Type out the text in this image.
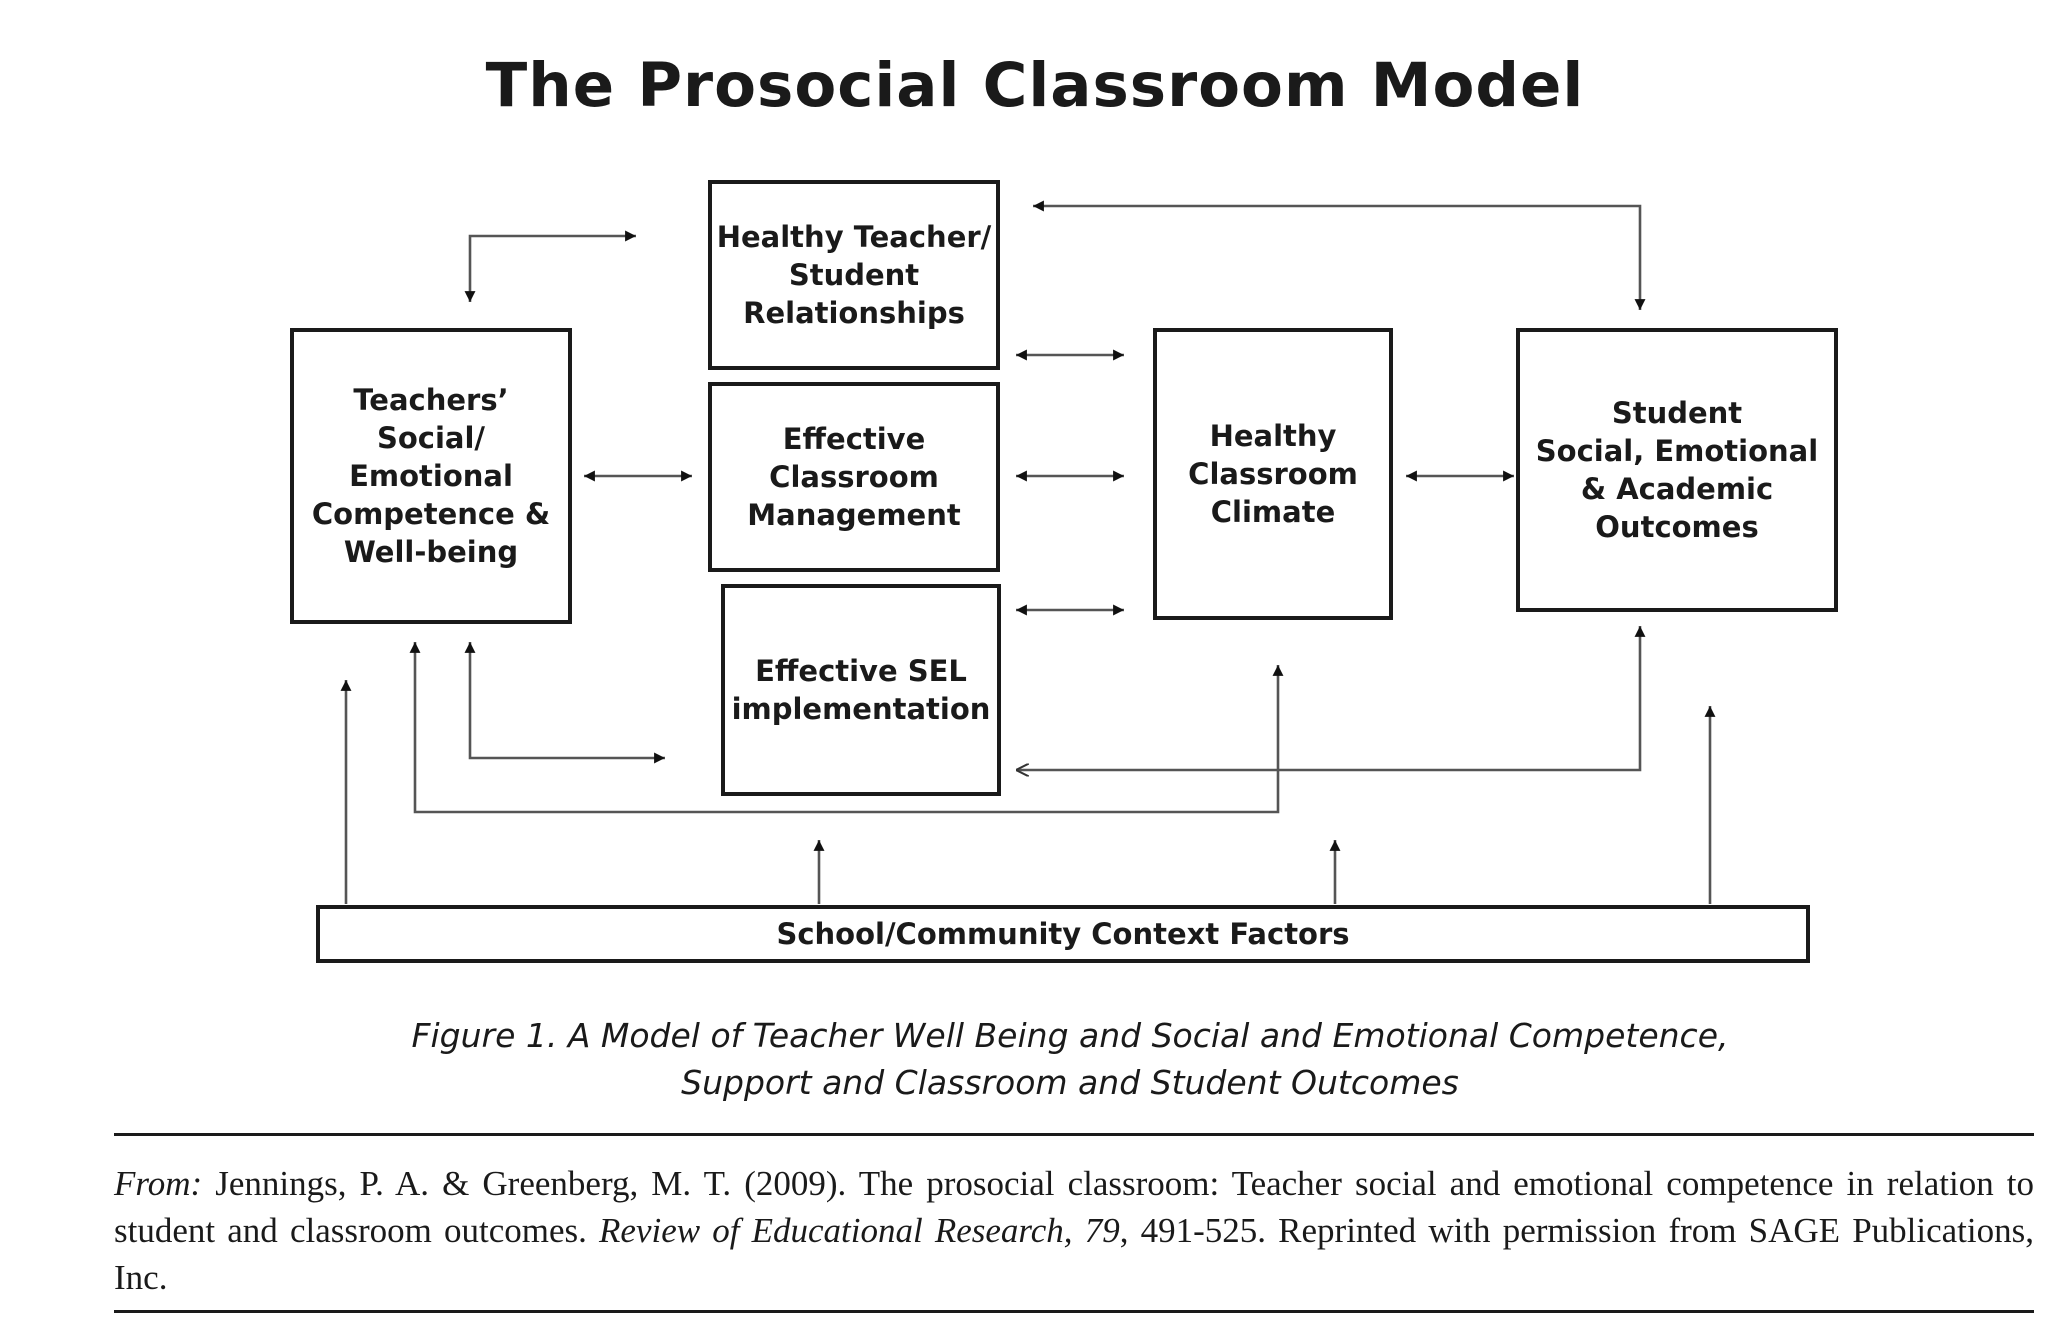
The Prosocial Classroom Model
Teachers’
Social/
Emotional
Competence &
Well-being
Healthy Teacher/
Student
Relationships
Effective
Classroom
Management
Effective SEL
implementation
Healthy
Classroom
Climate
Student
Social, Emotional
& Academic
Outcomes
School/Community Context Factors
Figure 1. A Model of Teacher Well Being and Social and Emotional Competence,
Support and Classroom and Student Outcomes
From: Jennings, P. A. & Greenberg, M. T. (2009). The prosocial classroom: Teacher social and emotional competence in relation to student and classroom outcomes. Review of Educational Research, 79, 491-525. Reprinted with permission from SAGE Publications, Inc.
